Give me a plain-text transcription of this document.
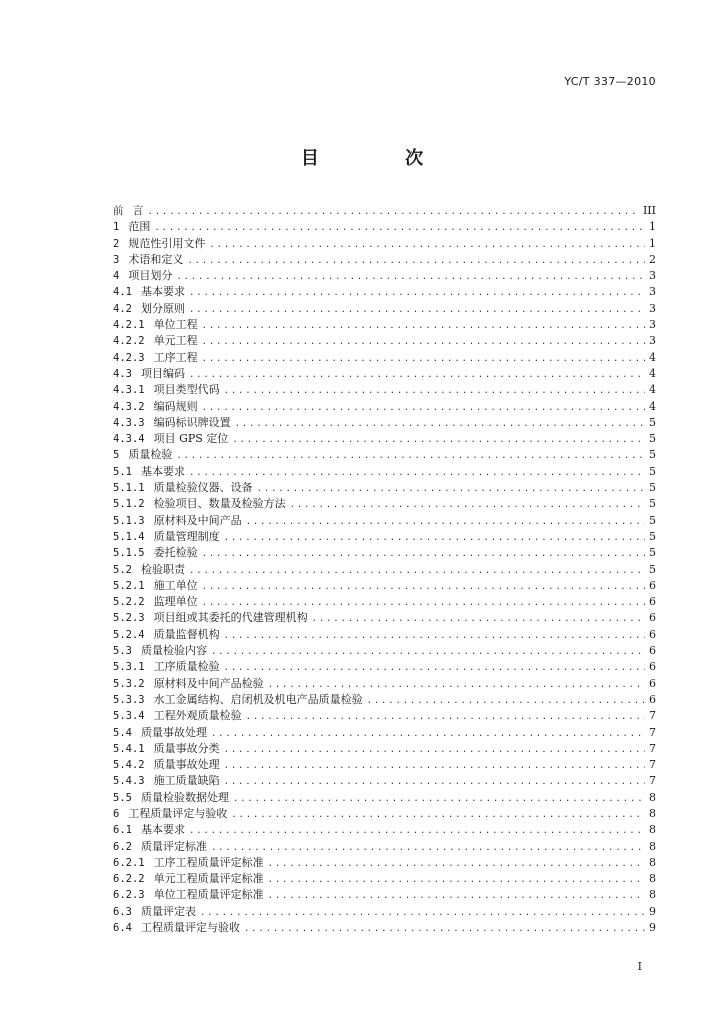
YC/T 337—2010
目 次
前 言 .....	III
1 范围 .....	1
2 规范性引用文件 .....	1
3 术语和定义 .....	2
4 项目划分 .....	3
4.1 基本要求 .....	3
4.2 划分原则 .....	3
4.2.1 单位工程 .....	3
4.2.2 单元工程 .....	3
4.2.3 工序工程 .....	4
4.3 项目编码 .....	4
4.3.1 项目类型代码 .....	4
4.3.2 编码规则 .....	4
4.3.3 编码标识牌设置 .....	5
4.3.4 项目 GPS 定位 .....	5
5 质量检验 .....	5
5.1 基本要求 .....	5
5.1.1 质量检验仪器、设备 .....	5
5.1.2 检验项目、数量及检验方法 .....	5
5.1.3 原材料及中间产品 .....	5
5.1.4 质量管理制度 .....	5
5.1.5 委托检验 .....	5
5.2 检验职责 .....	5
5.2.1 施工单位 .....	6
5.2.2 监理单位 .....	6
5.2.3 项目组或其委托的代建管理机构 .....	6
5.2.4 质量监督机构 .....	6
5.3 质量检验内容 .....	6
5.3.1 工序质量检验 .....	6
5.3.2 原材料及中间产品检验 .....	6
5.3.3 水工金属结构、启闭机及机电产品质量检验 .....	6
5.3.4 工程外观质量检验 .....	7
5.4 质量事故处理 .....	7
5.4.1 质量事故分类 .....	7
5.4.2 质量事故处理 .....	7
5.4.3 施工质量缺陷 .....	7
5.5 质量检验数据处理 .....	8
6 工程质量评定与验收 .....	8
6.1 基本要求 .....	8
6.2 质量评定标准 .....	8
6.2.1 工序工程质量评定标准 .....	8
6.2.2 单元工程质量评定标准 .....	8
6.2.3 单位工程质量评定标准 .....	8
6.3 质量评定表 .....	9
6.4 工程质量评定与验收 .....	9
I
